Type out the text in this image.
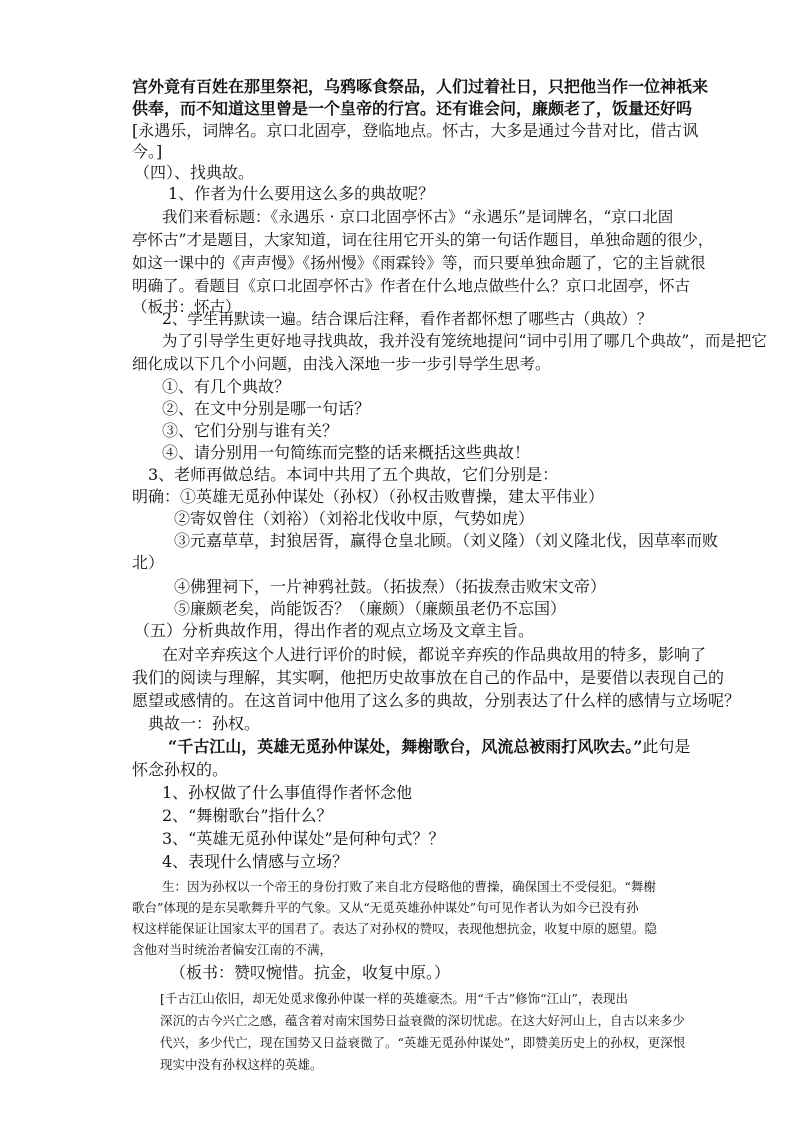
宫外竟有百姓在那里祭祀，乌鸦啄食祭品，人们过着社日，只把他当作一位神祇来
供奉，而不知道这里曾是一个皇帝的行宫。还有谁会问，廉颇老了，饭量还好吗
[永遇乐，词牌名。京口北固亭，登临地点。怀古，大多是通过今昔对比，借古讽
今。]
（四）、找典故。
1、作者为什么要用这么多的典故呢？
我们来看标题：《永遇乐 · 京口北固亭怀古》“永遇乐”是词牌名，“京口北固
亭怀古”才是题目，大家知道，词在往用它开头的第一句话作题目，单独命题的很少，
如这一课中的《声声慢》《扬州慢》《雨霖铃》等，而只要单独命题了，它的主旨就很
明确了。看题目《京口北固亭怀古》作者在什么地点做些什么？京口北固亭，怀古
（板书：怀古）
2、学生再默读一遍。结合课后注释，看作者都怀想了哪些古（典故）？
为了引导学生更好地寻找典故，我并没有笼统地提问“词中引用了哪几个典故”，而是把它
细化成以下几个小问题，由浅入深地一步一步引导学生思考。
①、有几个典故？
②、在文中分别是哪一句话？
③、它们分别与谁有关？
④、请分别用一句简练而完整的话来概括这些典故！
3、老师再做总结。本词中共用了五个典故，它们分别是：
明确：①英雄无觅孙仲谋处（孙权）（孙权击败曹操，建太平伟业）
②寄奴曾住（刘裕）（刘裕北伐收中原，气势如虎）
③元嘉草草，封狼居胥，赢得仓皇北顾。（刘义隆）（刘义隆北伐，因草率而败
北）
④佛狸祠下，一片神鸦社鼓。（拓拔焘）（拓拔焘击败宋文帝）
⑤廉颇老矣，尚能饭否？（廉颇）（廉颇虽老仍不忘国）
（五）分析典故作用，得出作者的观点立场及文章主旨。
在对辛弃疾这个人进行评价的时候，都说辛弃疾的作品典故用的特多，影响了
我们的阅读与理解，其实啊，他把历史故事放在自己的作品中，是要借以表现自己的
愿望或感情的。在这首词中他用了这么多的典故，分别表达了什么样的感情与立场呢？
典故一：孙权。
“千古江山，英雄无觅孙仲谋处，舞榭歌台，风流总被雨打风吹去。”此句是
怀念孙权的。
1、孙权做了什么事值得作者怀念他
2、“舞榭歌台”指什么？
3、“英雄无觅孙仲谋处”是何种句式？？
4、表现什么情感与立场？
生：因为孙权以一个帝王的身份打败了来自北方侵略他的曹操，确保国土不受侵犯。“舞榭
歌台”体现的是东吴歌舞升平的气象。又从“无觅英雄孙仲谋处”句可见作者认为如今已没有孙
权这样能保证让国家太平的国君了。表达了对孙权的赞叹，表现他想抗金，收复中原的愿望。隐
含他对当时统治者偏安江南的不满，
（板书：赞叹惋惜。抗金，收复中原。）
[千古江山依旧，却无处觅求像孙仲谋一样的英雄豪杰。用“千古”修饰“江山”，表现出
深沉的古今兴亡之感，蕴含着对南宋国势日益衰微的深切忧虑。在这大好河山上，自古以来多少
代兴，多少代亡，现在国势又日益衰微了。“英雄无觅孙仲谋处”，即赞美历史上的孙权，更深恨
现实中没有孙权这样的英雄。
